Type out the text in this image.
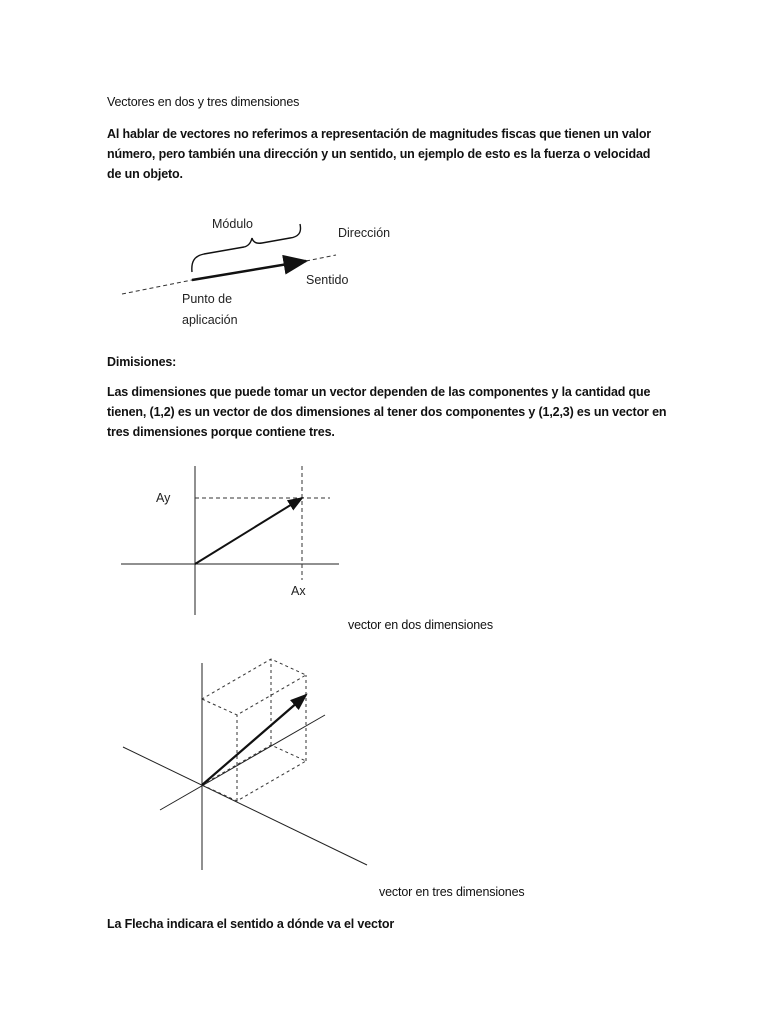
Vectores en dos y tres dimensiones

Al hablar de vectores no referimos a representación de magnitudes fiscas que tienen un valor número, pero también una dirección y un sentido, un ejemplo de esto es la fuerza o velocidad de un objeto.

Módulo
Dirección
Sentido
Punto de
aplicación

Dimisiones:

Las dimensiones que puede tomar un vector dependen de las componentes y la cantidad que tienen, (1,2) es un vector de dos dimensiones al tener dos componentes y (1,2,3) es un vector en tres dimensiones porque contiene tres.

Ay
Ax

vector en dos dimensiones

vector en tres dimensiones

La Flecha indicara el sentido a dónde va el vector
